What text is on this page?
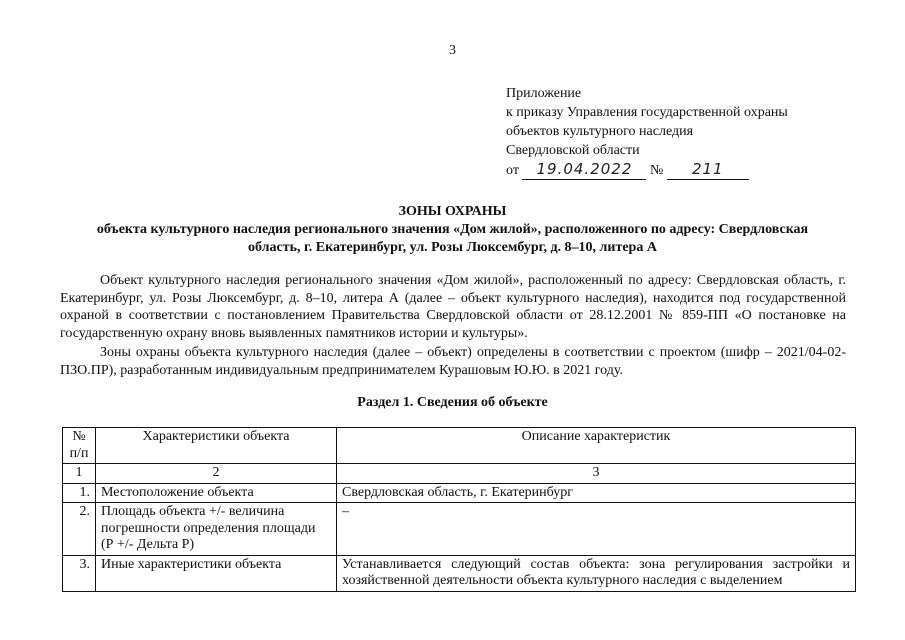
3
Приложение
к приказу Управления государственной охраны
объектов культурного наследия
Свердловской области
от 19.04.2022 № 211
ЗОНЫ ОХРАНЫ
объекта культурного наследия регионального значения «Дом жилой», расположенного по адресу: Свердловская
область, г. Екатеринбург, ул. Розы Люксембург, д. 8–10, литера А
Объект культурного наследия регионального значения «Дом жилой», расположенный по адресу: Свердловская область, г. Екатеринбург, ул. Розы Люксембург, д. 8–10, литера А (далее – объект культурного наследия), находится под государственной охраной в соответствии с постановлением Правительства Свердловской области от 28.12.2001 № 859-ПП «О постановке на государственную охрану вновь выявленных памятников истории и культуры».
Зоны охраны объекта культурного наследия (далее – объект) определены в соответствии с проектом (шифр – 2021/04-02-ПЗО.ПР), разработанным индивидуальным предпринимателем Курашовым Ю.Ю. в 2021 году.
Раздел 1. Сведения об объекте
№ п/п	Характеристики объекта	Описание характеристик
1	2	3
1.	Местоположение объекта	Свердловская область, г. Екатеринбург
2.	Площадь объекта +/- величина погрешности определения площади (Р +/- Дельта Р)	–
3.	Иные характеристики объекта	Устанавливается следующий состав объекта: зона регулирования застройки и хозяйственной деятельности объекта культурного наследия с выделением
